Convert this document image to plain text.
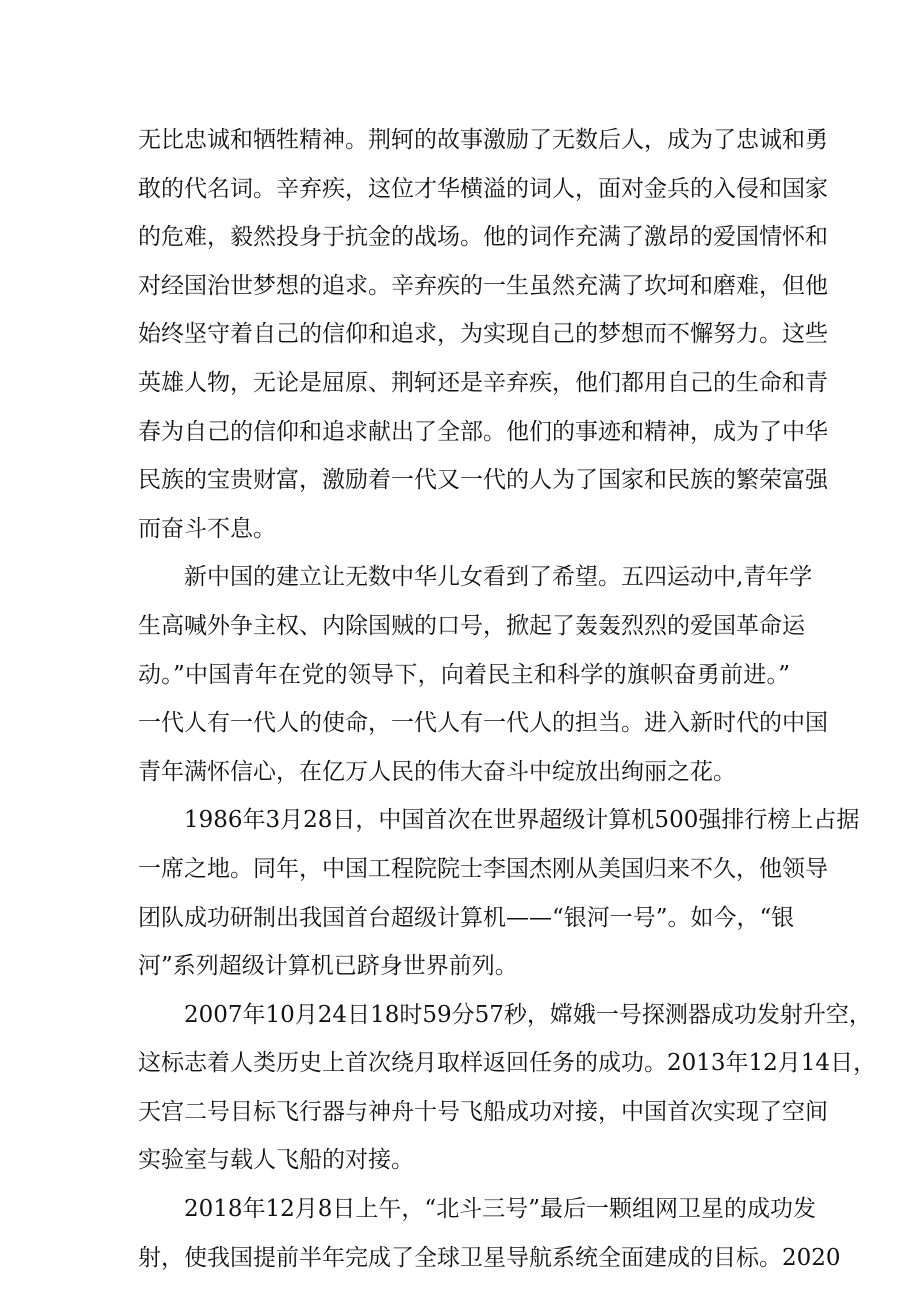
无比忠诚和牺牲精神。荆轲的故事激励了无数后人，成为了忠诚和勇
敢的代名词。辛弃疾，这位才华横溢的词人，面对金兵的入侵和国家
的危难，毅然投身于抗金的战场。他的词作充满了激昂的爱国情怀和
对经国治世梦想的追求。辛弃疾的一生虽然充满了坎坷和磨难，但他
始终坚守着自己的信仰和追求，为实现自己的梦想而不懈努力。这些
英雄人物，无论是屈原、荆轲还是辛弃疾，他们都用自己的生命和青
春为自己的信仰和追求献出了全部。他们的事迹和精神，成为了中华
民族的宝贵财富，激励着一代又一代的人为了国家和民族的繁荣富强
而奋斗不息。
新中国的建立让无数中华儿女看到了希望。五四运动中,青年学
生高喊外争主权、内除国贼的口号，掀起了轰轰烈烈的爱国革命运
动。”中国青年在党的领导下，向着民主和科学的旗帜奋勇前进。”
一代人有一代人的使命，一代人有一代人的担当。进入新时代的中国
青年满怀信心，在亿万人民的伟大奋斗中绽放出绚丽之花。
1986年3月28日，中国首次在世界超级计算机500强排行榜上占据
一席之地。同年，中国工程院院士李国杰刚从美国归来不久，他领导
团队成功研制出我国首台超级计算机——“银河一号”。如今，“银
河”系列超级计算机已跻身世界前列。
2007年10月24日18时59分57秒，嫦娥一号探测器成功发射升空，
这标志着人类历史上首次绕月取样返回任务的成功。2013年12月14日，
天宫二号目标飞行器与神舟十号飞船成功对接，中国首次实现了空间
实验室与载人飞船的对接。
2018年12月8日上午，“北斗三号”最后一颗组网卫星的成功发
射，使我国提前半年完成了全球卫星导航系统全面建成的目标。2020
